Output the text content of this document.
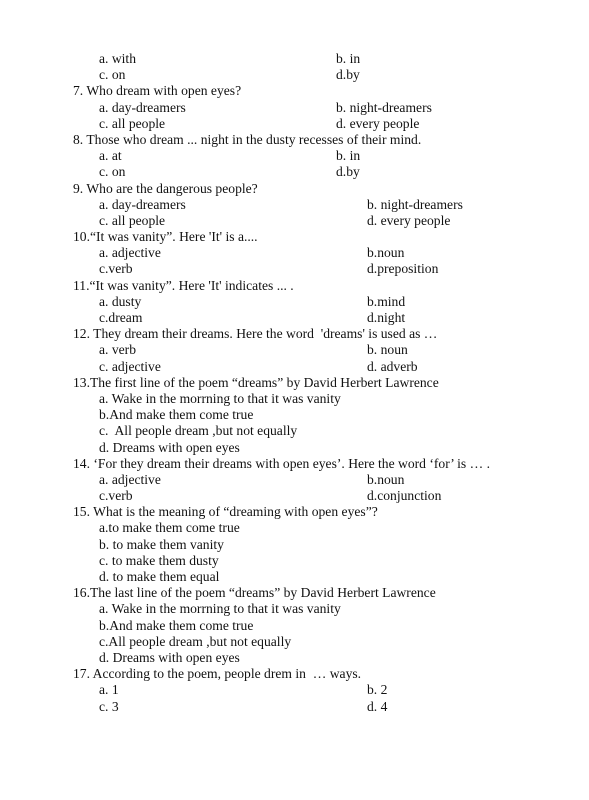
a. with	b. in
c. on	d.by
7. Who dream with open eyes?
a. day-dreamers	b. night-dreamers
c. all people	d. every people
8. Those who dream ... night in the dusty recesses of their mind.
a. at	b. in
c. on	d.by
9. Who are the dangerous people?
a. day-dreamers	b. night-dreamers
c. all people	d. every people
10.“It was vanity”. Here 'It' is a....
a. adjective	b.noun
c.verb	d.preposition
11.“It was vanity”. Here 'It' indicates ... .
a. dusty	b.mind
c.dream	d.night
12. They dream their dreams. Here the word  'dreams' is used as …
a. verb	b. noun
c. adjective	d. adverb
13.The first line of the poem “dreams” by David Herbert Lawrence
a. Wake in the morrning to that it was vanity
b.And make them come true
c.  All people dream ,but not equally
d. Dreams with open eyes
14. ‘For they dream their dreams with open eyes’. Here the word ‘for’ is … .
a. adjective	b.noun
c.verb	d.conjunction
15. What is the meaning of “dreaming with open eyes”?
a.to make them come true
b. to make them vanity
c. to make them dusty
d. to make them equal
16.The last line of the poem “dreams” by David Herbert Lawrence
a. Wake in the morrning to that it was vanity
b.And make them come true
c.All people dream ,but not equally
d. Dreams with open eyes
17. According to the poem, people drem in  … ways.
a. 1	b. 2
c. 3	d. 4
